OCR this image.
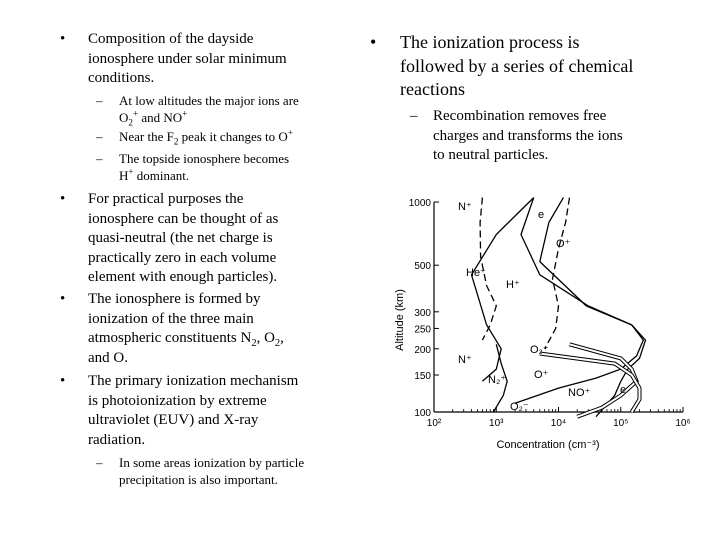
• Composition of the dayside
ionosphere under solar minimum
conditions.
– At low altitudes the major ions are
$O_2^+$ and NO+
– Near the $F_2$ peak it changes to O+
– The topside ionosphere becomes
H+ dominant.
• For practical purposes the
ionosphere can be thought of as
quasi-neutral (the net charge is
practically zero in each volume
element with enough particles).
• The ionosphere is formed by
ionization of the three main
atmospheric constituents $N_2$, $O_2$,
and O.
• The primary ionization mechanism
is photoionization by extreme
ultraviolet (EUV) and X-ray
radiation.
– In some areas ionization by particle
precipitation is also important.
• The ionization process is
followed by a series of chemical
reactions
– Recombination removes free
charges and transforms the ions
to neutral particles.
10²	10³	10⁴	10⁵	10⁶
1000
500
300
250
200
150
100
N⁺
e
O⁺
He⁺
H⁺
N⁺
O₂⁺
N₂⁺	O⁺
NO⁺	e
O₂⁻
Concentration (cm⁻³)
Altitude (km)
